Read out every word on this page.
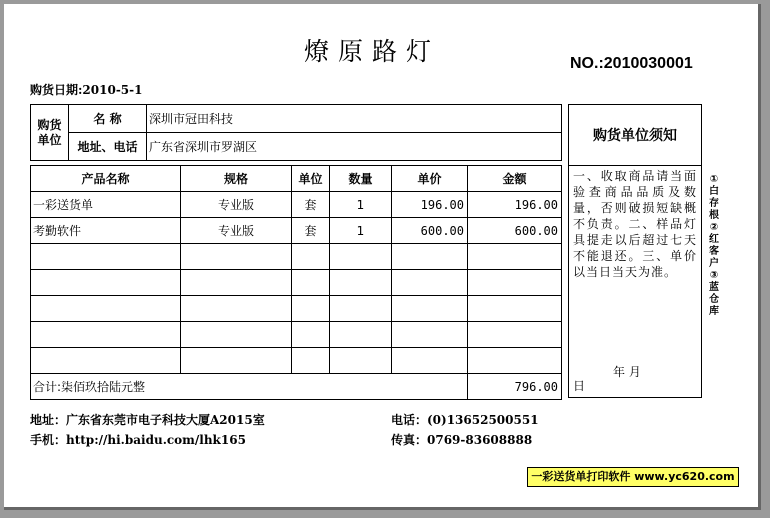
燎原路灯	NO.:2010030001
购货日期:2010-5-1
购货单位	名 称	深圳市冠田科技
	地址、电话	广东省深圳市罗湖区
产品名称	规格	单位	数量	单价	金额
一彩送货单	专业版	套	1	196.00	196.00
考勤软件	专业版	套	1	600.00	600.00

合计:柒佰玖拾陆元整					796.00
购货单位须知
一、收取商品请当面验查商品品质及数量，否则破损短缺概不负责。二、样品灯具提走以后超过七天不能退还。三、单价以当日当天为准。
年 月
日
①白存根②红客户③蓝仓库
地址：广东省东莞市电子科技大厦A2015室	电话：(0)13652500551
手机：http://hi.baidu.com/lhk165	传真：0769-83608888
一彩送货单打印软件 www.yc620.com
